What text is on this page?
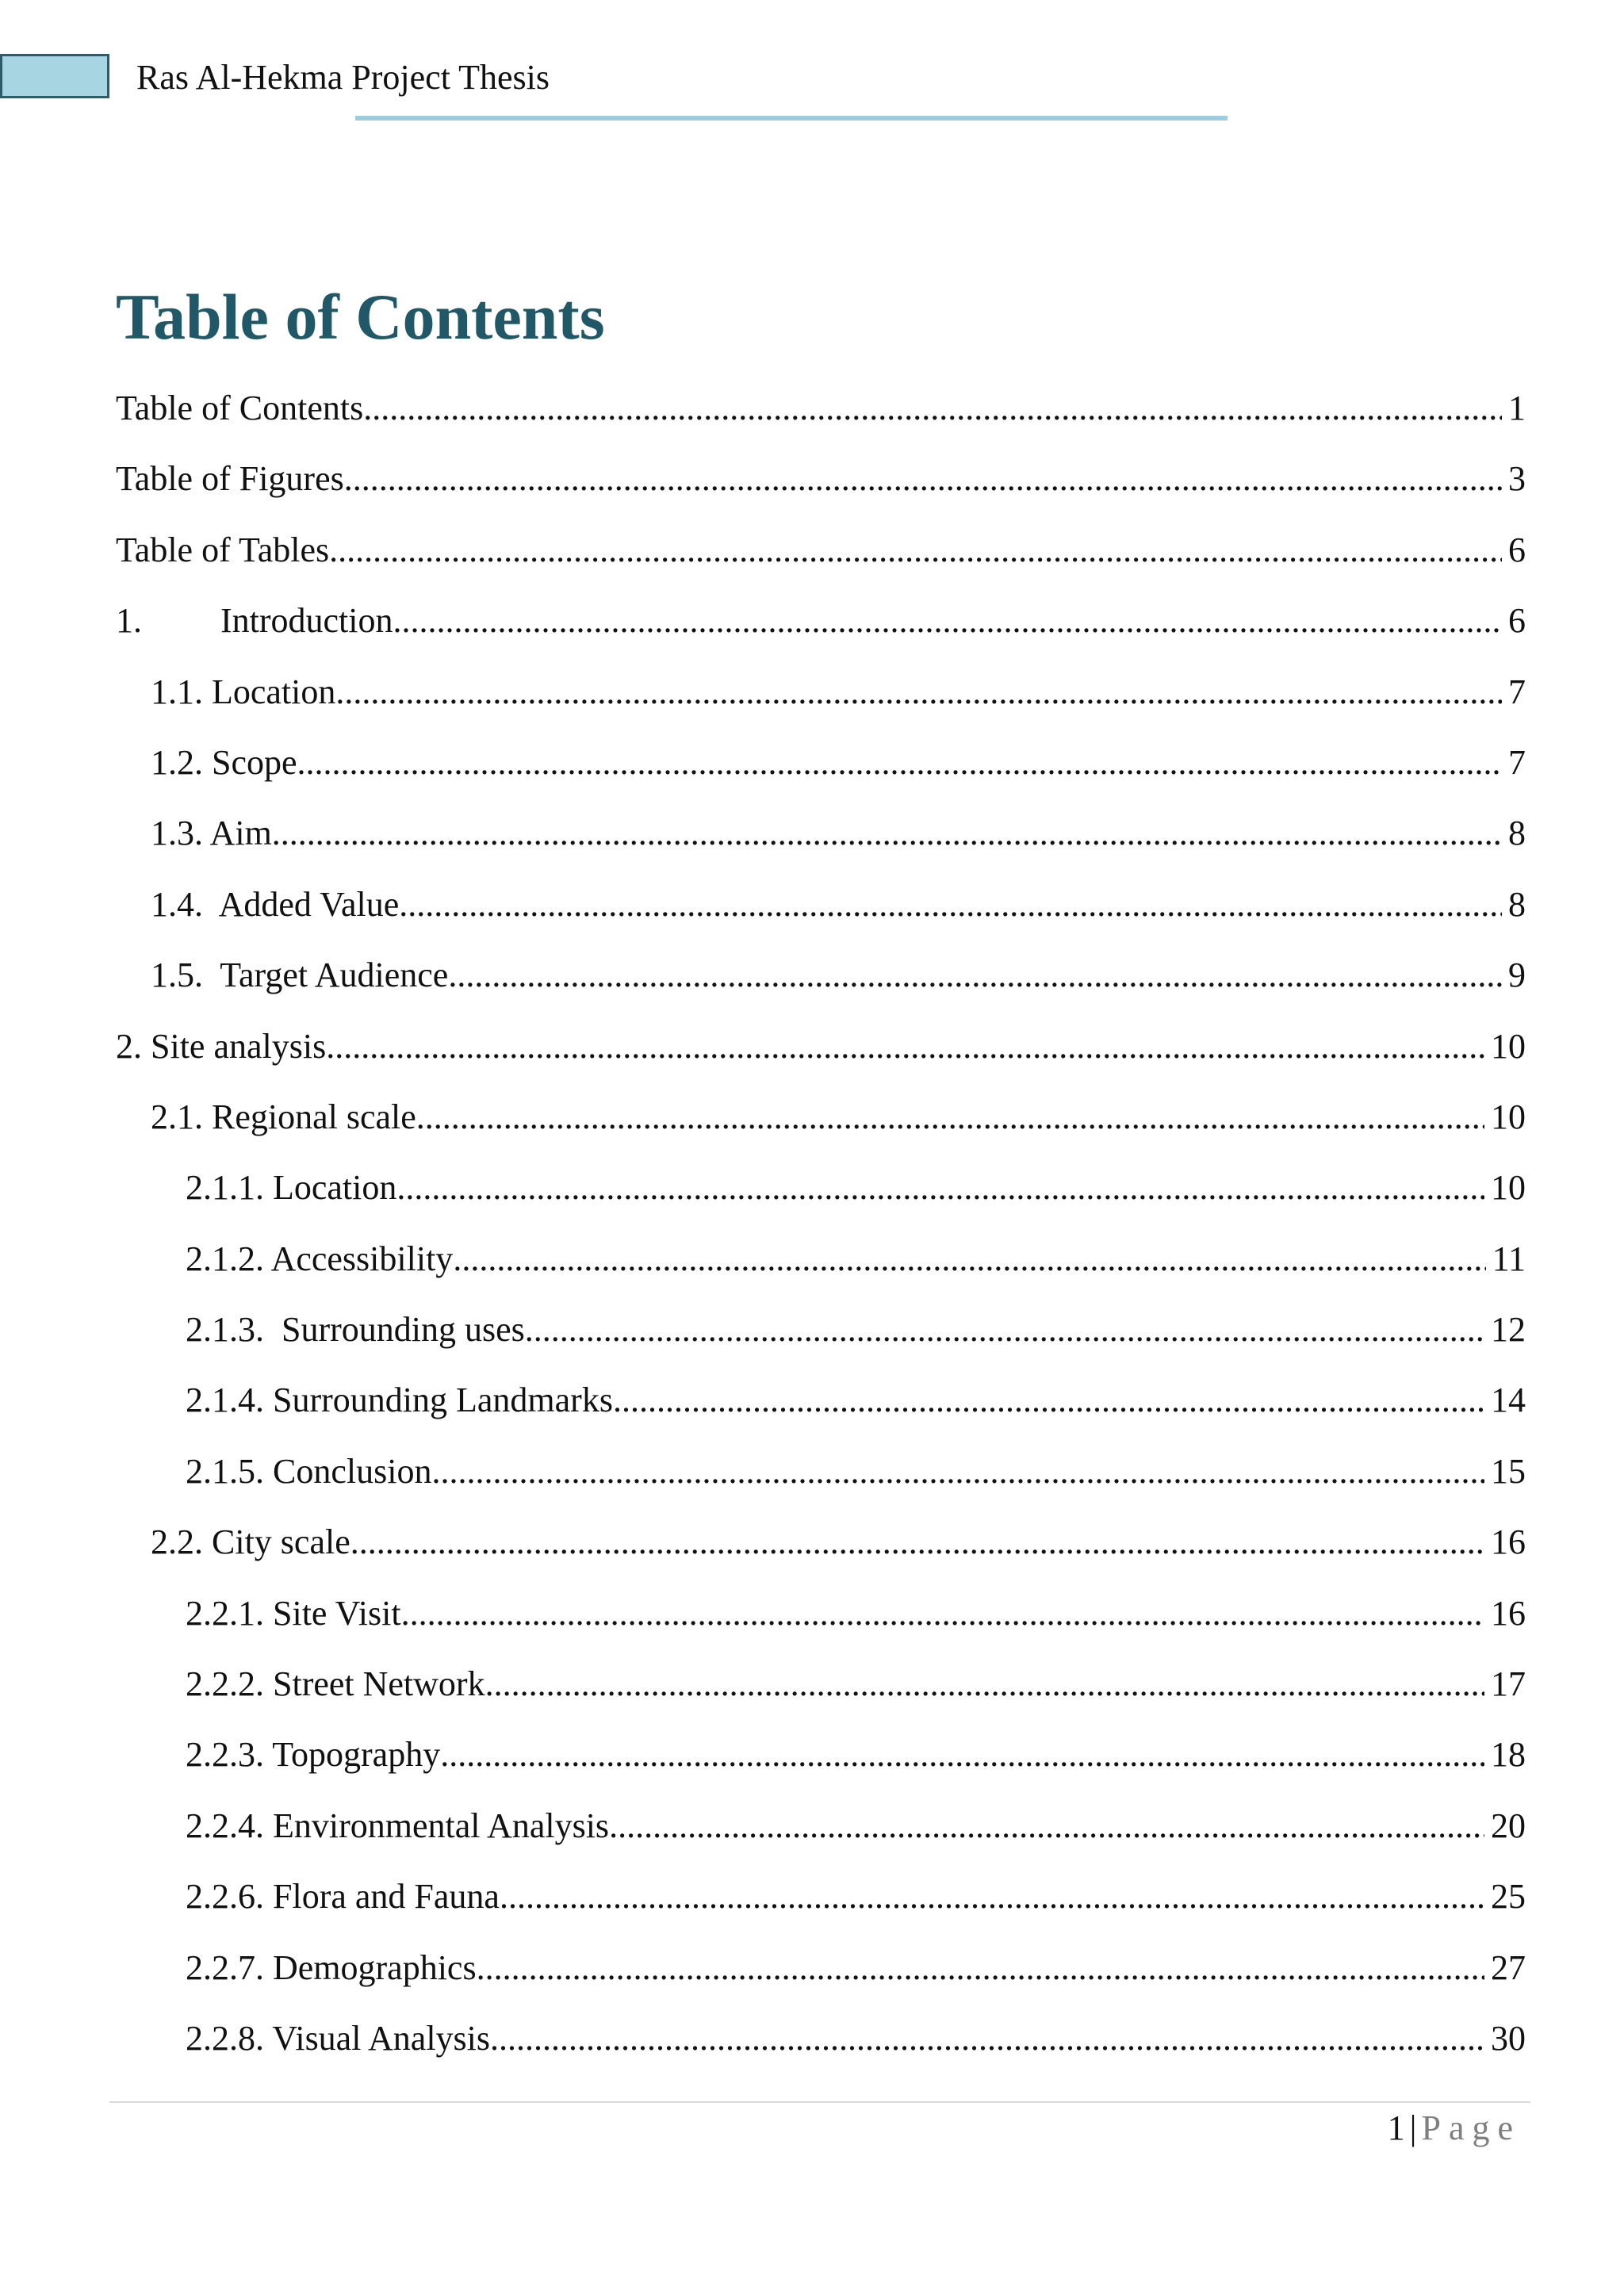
Ras Al-Hekma Project Thesis
Table of Contents
Table of Contents .....	1
Table of Figures .....	3
Table of Tables .....	6
1. Introduction .....	6
1.1. Location .....	7
1.2. Scope .....	7
1.3. Aim .....	8
1.4.  Added Value .....	8
1.5.  Target Audience .....	9
2. Site analysis .....	10
2.1. Regional scale .....	10
2.1.1. Location .....	10
2.1.2. Accessibility .....	11
2.1.3.  Surrounding uses .....	12
2.1.4. Surrounding Landmarks .....	14
2.1.5. Conclusion .....	15
2.2. City scale .....	16
2.2.1. Site Visit .....	16
2.2.2. Street Network .....	17
2.2.3. Topography .....	18
2.2.4. Environmental Analysis .....	20
2.2.6. Flora and Fauna .....	25
2.2.7. Demographics .....	27
2.2.8. Visual Analysis .....	30
1 | Page
